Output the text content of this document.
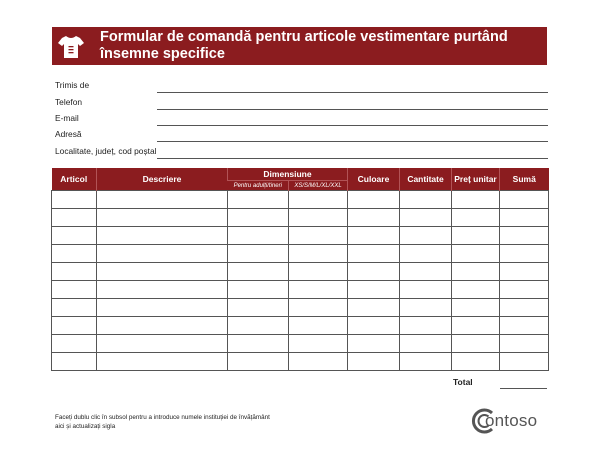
Formular de comandă pentru articole vestimentare purtând însemne specifice
Trimis de
Telefon
E-mail
Adresă
Localitate, județ, cod poștal
Articol	Descriere	Dimensiune		Culoare	Cantitate	Preț unitar	Sumă
		Pentru adulți/tineri	XS/S/M/L/XL/XXL				

Total
Faceți dublu clic în subsol pentru a introduce numele instituției de învățământ
aici și actualizați sigla	ontoso
